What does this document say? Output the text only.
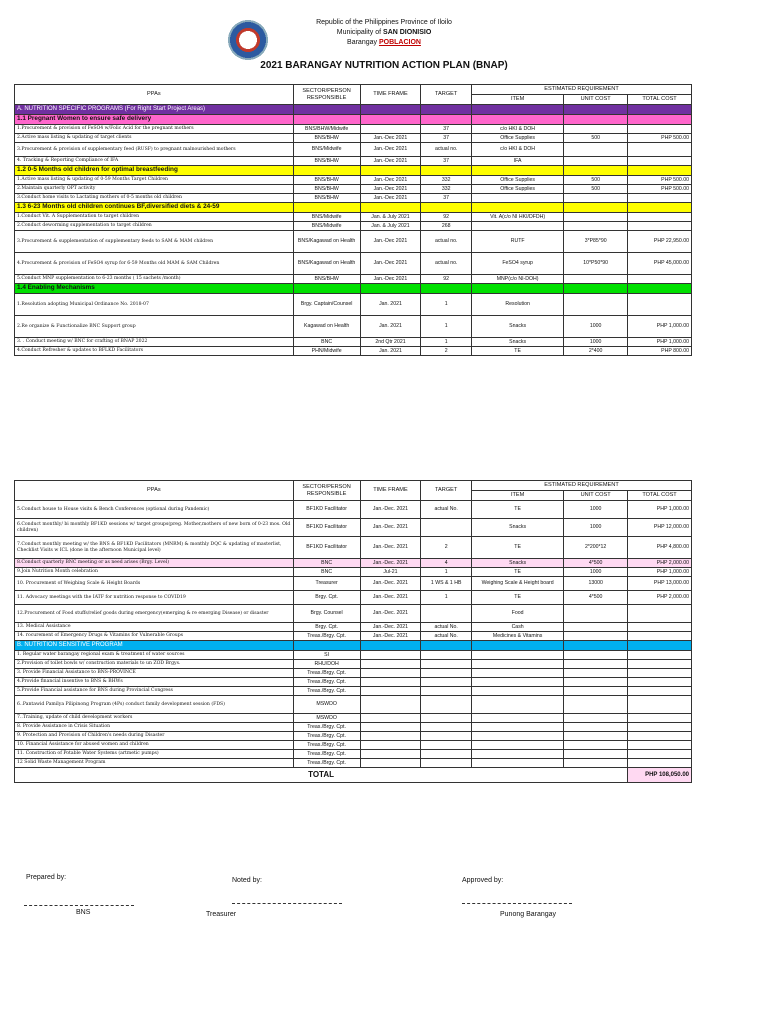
Republic of the Philippines Province of Iloilo
Municipality of SAN DIONISIO
Barangay POBLACION
2021 BARANGAY NUTRITION ACTION PLAN (BNAP)
PPAs	SECTOR/PERSON RESPONSIBLE	TIME FRAME	TARGET	ESTIMATED REQUIREMENT		
				ITEM	UNIT COST	TOTAL COST
A. NUTRITION SPECIFIC PROGRAMS (For Right Start Project Areas)						
1.1 Pregnant Women to ensure safe delivery						
1.Procurement & provision of FeSO4 w/Folic Acid for the pregnant mothers	BNS/BHW/Midwife		37	c/o HKI & DOH		
2.Active mass listing & updating of target clients	BNS/BHW	Jan.-Dec 2021	37	Office Supplies	500	PHP 500.00
3.Procurement & provision of supplementary feed (RUSF) to pregnant malnourished mothers	BNS/Midwife	Jan.-Dec 2021	actual no.	c/o HKI & DOH		
4. Tracking & Reporting Compliance of IFA	BNS/BHW	Jan.-Dec 2021	37	IFA		
1.2 0-5 Months old children for optimal breastfeeding						
1.Active mass listing & updating of 0-59 Months Target Children	BNS/BHW	Jan.-Dec 2021	332	Office Supplies	500	PHP 500.00
2.Maintain quarterly OPT activity	BNS/BHW	Jan.-Dec 2021	332	Office Supplies	500	PHP 500.00
3.Conduct home visits to Lactating mothers of 0-5 months old children	BNS/BHW	Jan.-Dec 2021	37			
1.3 6-23 Months old children continues BF,diversified diets & 24-59						
1.Conduct Vit. A Supplementation to target children	BNS/Midwife	Jan. & July 2021	92	Vit. A(c/o NI HKI/DFDH)		
2.Conduct deworming supplementation to target children	BNS/Midwife	Jan. & July 2021	268			
3.Procurement & supplementation of supplementary feeds to SAM & MAM children	BNS/Kagawad on Health	Jan.-Dec 2021	actual no.	RUTF	3*P85*90	PHP 22,950.00
4.Procurement & provision of FeSO4 syrup for 6-59 Months old MAM & SAM Children	BNS/Kagawad on Health	Jan.-Dec 2021	actual no.	FeSO4 syrup	10*P50*90	PHP 45,000.00
5.Conduct MNP supplementation to 6-23 months ( 15 sachets /month)	BNS/BHW	Jan.-Dec 2021	92	MNP(c/o NI-DOH)		
1.4 Enabling Mechanisms						
1.Resolution adopting Municipal Ordinance No. 2018-07	Brgy. Captain/Counsel	Jan. 2021	1	Resolution		
2.Re organize & Functionalize BNC Support group	Kagawad on Health	Jan. 2021	1	Snacks	1000	PHP 1,000.00
3. . Conduct meeting w/ BNC for crafting of BNAP 2022	BNC	2nd Qtr 2021	1	Snacks	1000	PHP 1,000.00
4.Conduct Refresher & updates to BFLKD Facilitators	PHN/Midwife	Jan. 2021	2	TE	2*400	PHP 800.00
PPAs	SECTOR/PERSON RESPONSIBLE	TIME FRAME	TARGET	ESTIMATED REQUIREMENT		
				ITEM	UNIT COST	TOTAL COST
5.Conduct house to House visits & Bench Conferences (optional during Pandemic)	BF1KD Facilitator	Jan.-Dec. 2021	actual No.	TE	1000	PHP 1,000.00
6.Conduct monthly/ bi monthly BF1KD sessions w/ target groups(preg. Mother,mothers of new born of 0-23 mos. Old children)	BF1KD Facilitator	Jan.-Dec. 2021		Snacks	1000	PHP 12,000.00
7.Conduct monthly meeting w/ the BNS & BF1KD Facilitators (MNRM) & monthly DQC & updating of masterlist, Checklist Visits w ICL (done in the afternoon Municipal level)	BF1KD Facilitator	Jan.-Dec. 2021	2	TE	2*200*12	PHP 4,800.00
8.Conduct quarterly BNC meeting or as need arises (Brgy. Level)	BNC	Jan.-Dec. 2021	4	Snacks	4*500	PHP 2,000.00
9.Join Nutrition Month celebration	BNC	Jul-21	1	TE	1000	PHP 1,000.00
10. Procurement of Weighing Scale & Height Boards	Treasurer	Jan.-Dec. 2021	1 WS & 1 HB	Weighing Scale & Height board	13000	PHP 13,000.00
11. Advocacy meetings with the IATF for nutrition response to COVID19	Brgy. Cpt.	Jan.-Dec. 2021	1	TE	4*500	PHP 2,000.00
12.Procurement of Food stuffs/relief goods during emergency(emerging & re emerging Disease) or disaster	Brgy. Counsel	Jan.-Dec. 2021		Food		
13. Medical Assistance	Brgy. Cpt.	Jan.-Dec. 2021	actual No.	Cash		
14. rocurement of Emergency Drugs & Vitamins for Vulnerable Groups	Treas./Brgy. Cpt.	Jan.-Dec. 2021	actual No.	Medicines & Vitamins		
B. NUTRITION SENSITIVE PROGRAM						
1. Regular water barangay regional exam & treatment of water sources	SI					
2.Provision of toilet bowls w/ construction materials to un ZOD Brgys.	RHU/DOH					
3. Provide Financial Assistance to BNS-PROVINCE	Treas./Brgy. Cpt.					
4.Provide financial insentive to BNS & BHWs	Treas./Brgy. Cpt.					
5.Provide Financial assistance for BNS during Provincial Congress	Treas./Brgy. Cpt.					
6..Pantawid Pamilya Pilipinong Program (4Ps) conduct family development session (FDS)	MSWDO					
7..Training, update of child development workers	MSWDO					
8. Provide Assistance in Crisis Situation	Treas./Brgy. Cpt.					
9. Protection and Provision of Children's needs during Disaster	Treas./Brgy. Cpt.					
10. Financial Assistance for abused women and children	Treas./Brgy. Cpt.					
11. Construction of Potable Water Systems (artmetic pumps)	Treas./Brgy. Cpt.					
12 Solid Waste Management Program	Treas./Brgy. Cpt.					
TOTAL						PHP 108,050.00
Prepared by:	Noted by:	Approved by:
BNS	Treasurer	Punong Barangay
